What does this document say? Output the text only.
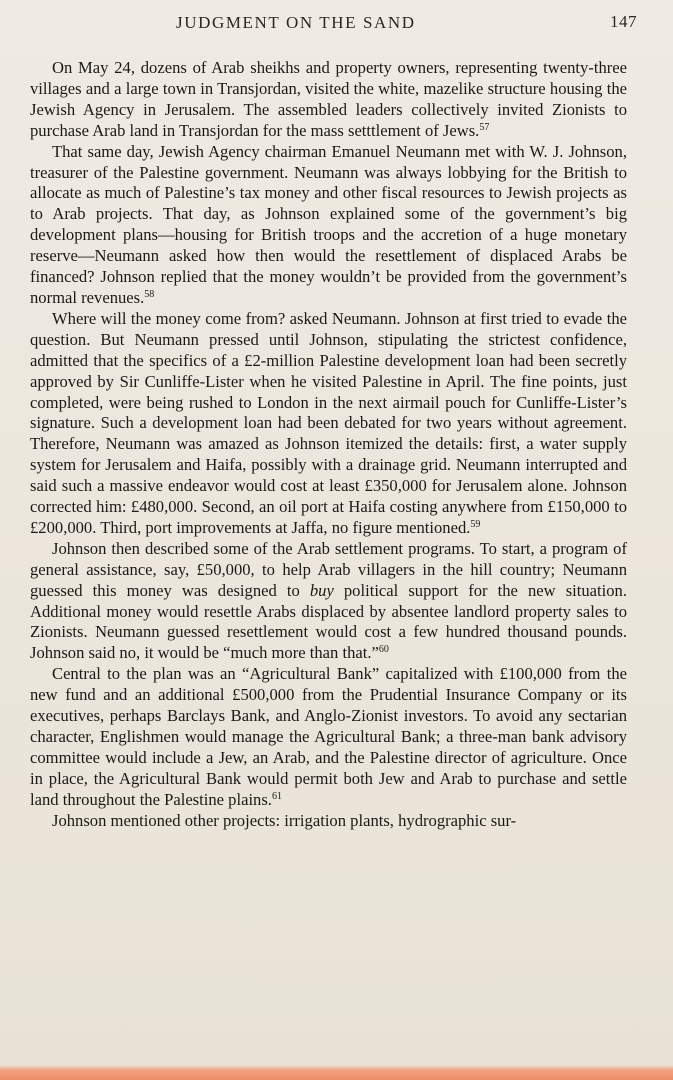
JUDGMENT ON THE SAND	147

On May 24, dozens of Arab sheikhs and property owners, representing twenty-three villages and a large town in Transjordan, visited the white, mazelike structure housing the Jewish Agency in Jerusalem. The assembled leaders collectively invited Zionists to purchase Arab land in Transjordan for the mass setttlement of Jews.$^{57}$

That same day, Jewish Agency chairman Emanuel Neumann met with W. J. Johnson, treasurer of the Palestine government. Neumann was always lobbying for the British to allocate as much of Palestine’s tax money and other fiscal resources to Jewish projects as to Arab projects. That day, as Johnson explained some of the government’s big development plans—housing for British troops and the accretion of a huge monetary reserve—Neumann asked how then would the resettlement of displaced Arabs be financed? Johnson replied that the money wouldn’t be provided from the government’s normal revenues.$^{58}$

Where will the money come from? asked Neumann. Johnson at first tried to evade the question. But Neumann pressed until Johnson, stipulating the strictest confidence, admitted that the specifics of a £2-million Palestine development loan had been secretly approved by Sir Cunliffe-Lister when he visited Palestine in April. The fine points, just completed, were being rushed to London in the next airmail pouch for Cunliffe-Lister’s signature. Such a development loan had been debated for two years without agreement. Therefore, Neumann was amazed as Johnson itemized the details: first, a water supply system for Jerusalem and Haifa, possibly with a drainage grid. Neumann interrupted and said such a massive endeavor would cost at least £350,000 for Jerusalem alone. Johnson corrected him: £480,000. Second, an oil port at Haifa costing anywhere from £150,000 to £200,000. Third, port improvements at Jaffa, no figure mentioned.$^{59}$

Johnson then described some of the Arab settlement programs. To start, a program of general assistance, say, £50,000, to help Arab villagers in the hill country; Neumann guessed this money was designed to buy political support for the new situation. Additional money would resettle Arabs displaced by absentee landlord property sales to Zionists. Neumann guessed resettlement would cost a few hundred thousand pounds. Johnson said no, it would be “much more than that.”$^{60}$

Central to the plan was an “Agricultural Bank” capitalized with £100,000 from the new fund and an additional £500,000 from the Prudential Insurance Company or its executives, perhaps Barclays Bank, and Anglo-Zionist investors. To avoid any sectarian character, Englishmen would manage the Agricultural Bank; a three-man bank advisory committee would include a Jew, an Arab, and the Palestine director of agriculture. Once in place, the Agricultural Bank would permit both Jew and Arab to purchase and settle land throughout the Palestine plains.$^{61}$

Johnson mentioned other projects: irrigation plants, hydrographic sur-
